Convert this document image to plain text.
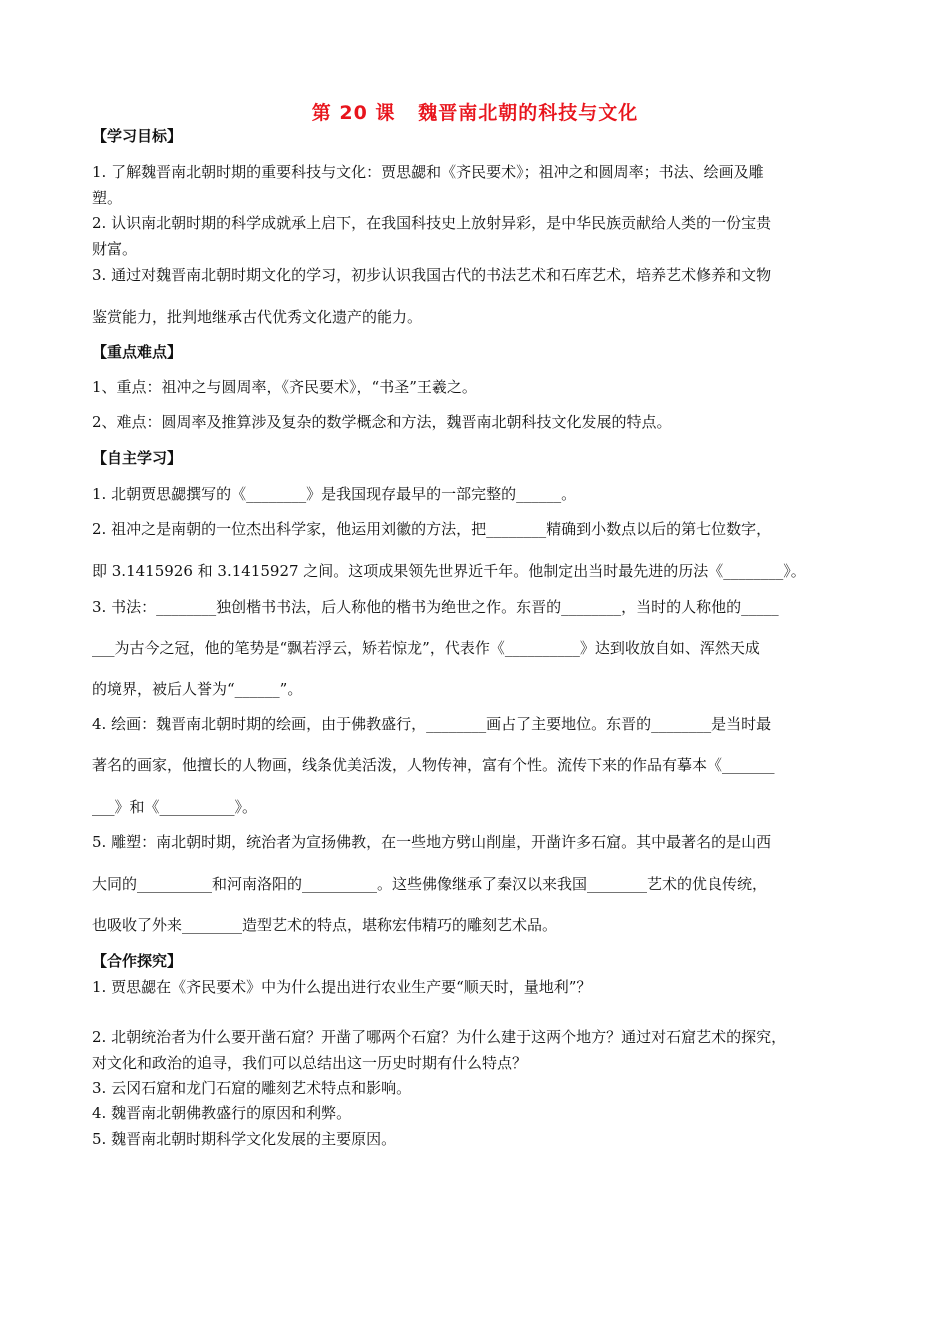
第 20 课   魏晋南北朝的科技与文化
【学习目标】
1. 了解魏晋南北朝时期的重要科技与文化：贾思勰和《齐民要术》；祖冲之和圆周率；书法、绘画及雕
塑。
2. 认识南北朝时期的科学成就承上启下，在我国科技史上放射异彩，是中华民族贡献给人类的一份宝贵
财富。
3. 通过对魏晋南北朝时期文化的学习，初步认识我国古代的书法艺术和石库艺术，培养艺术修养和文物
鉴赏能力，批判地继承古代优秀文化遗产的能力。
【重点难点】
1、重点：祖冲之与圆周率，《齐民要术》，“书圣”王羲之。
2、难点：圆周率及推算涉及复杂的数学概念和方法，魏晋南北朝科技文化发展的特点。
【自主学习】
1. 北朝贾思勰撰写的《________》是我国现存最早的一部完整的______。
2. 祖冲之是南朝的一位杰出科学家，他运用刘徽的方法，把________精确到小数点以后的第七位数字，
即 3.1415926 和 3.1415927 之间。这项成果领先世界近千年。他制定出当时最先进的历法《________》。
3. 书法：________独创楷书书法，后人称他的楷书为绝世之作。东晋的________，当时的人称他的_____
___为古今之冠，他的笔势是“飘若浮云，矫若惊龙”，代表作《__________》达到收放自如、浑然天成
的境界，被后人誉为“______”。
4. 绘画：魏晋南北朝时期的绘画，由于佛教盛行，________画占了主要地位。东晋的________是当时最
著名的画家，他擅长的人物画，线条优美活泼，人物传神，富有个性。流传下来的作品有摹本《_______
___》和《__________》。
5. 雕塑：南北朝时期，统治者为宣扬佛教，在一些地方劈山削崖，开凿许多石窟。其中最著名的是山西
大同的__________和河南洛阳的__________。这些佛像继承了秦汉以来我国________艺术的优良传统，
也吸收了外来________造型艺术的特点，堪称宏伟精巧的雕刻艺术品。
【合作探究】
1. 贾思勰在《齐民要术》中为什么提出进行农业生产要“顺天时，量地利”？
2. 北朝统治者为什么要开凿石窟？开凿了哪两个石窟？为什么建于这两个地方？通过对石窟艺术的探究，
对文化和政治的追寻，我们可以总结出这一历史时期有什么特点？
3. 云冈石窟和龙门石窟的雕刻艺术特点和影响。
4. 魏晋南北朝佛教盛行的原因和利弊。
5. 魏晋南北朝时期科学文化发展的主要原因。
